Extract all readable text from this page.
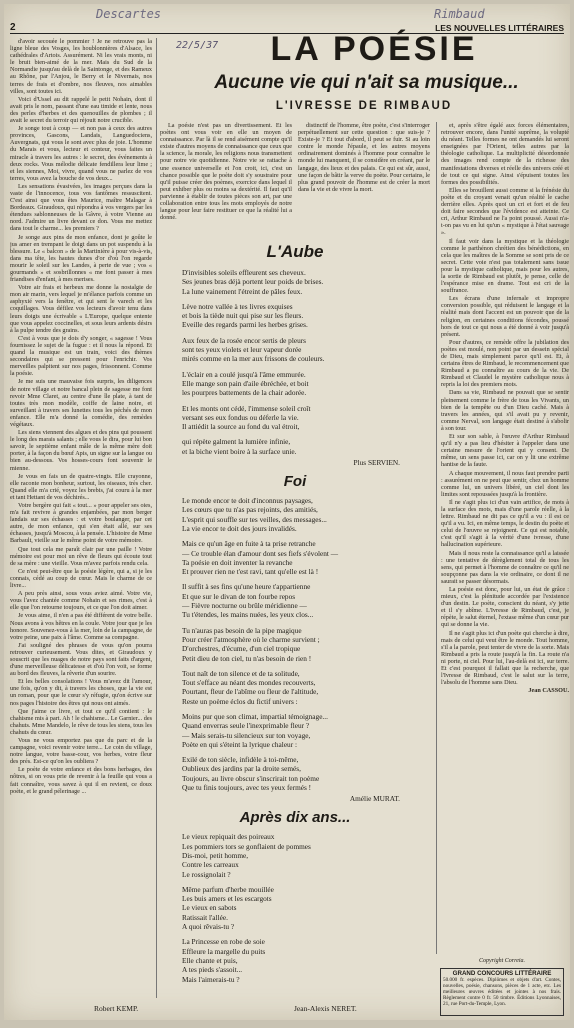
Descartes	Rimbaud
2	LES NOUVELLES LITTÉRAIRES
22/5/37	LA POÉSIE
Aucune vie qui n'ait sa musique...
L'IVRESSE DE RIMBAUD

d'avoir secouée le pommier ! Je ne retrouve pas la ligne bleue des Vosges, les houblonnières d'Alsace, les cathédrales d'Artois. Assurément. Ni les vrais monts, ni le bruit bien-aimé de la mer. Mais du Sud de la Normandie jusqu'au delà de la Saintonge, et des Rameux au Rhône, par l'Anjou, le Berry et le Nivernais, nos terres de frais et d'ombre, nos fleuves, nos aimables villes, sont toutes ici.

Voici d'Ussel au dit rappelé le petit Nohain, dont il avait pris le nom, passant d'une eau timide et lente, nous des perles d'herbes et des quenouilles de plombes ; il avait le secret du terroir qui réjouit notre crucible.

Je songe tout à coup — et non pas à ceux des autres provinces, Gascons, Landais, Languedociens, Auvergnats, qui vous le sont avec plus de joie. L'homme du Marais et vous, lecteur et conteur, vous faites un miracle à travers les autres : le secret, des événements à deux rocks. Vous mélodie délicate fendillera leur lime ; et les siennes, Moi, vivre, quand vous ne parlez de vos terres, vous avez la bouche de vos deux...

Les sensations évasivées, les images perçues dans la vaste de l'innocence, tous vos fantômes ressuscitent. C'est ainsi que vous êtes Maurice, maître Malagar à Bordeaux. Giraudoux, qui répondra à vos vergers par les étendues sablonneuses de la Gâvre, à votre Vienne au nord. J'admire un livre devant ce don. Vous me mettez dans tout le charme... les premiers ?

Je songe aux pins de mon enfance, dont je goûte le jus amer en trempant le doigt dans un pot suspendu à la blessure. Le « balcon » de la Martinière à pour vis-à-vis, dans ma tête, les hautes dunes d'or d'où l'on regarde mourir le soleil sur les Landes, à perte de vue ; vos « gourmands » et sosbrillonnes « me font passer à mes friandises d'enfant, à mes merises.

Votre air frais et herbeux me donne la nostalgie de mon air marin, vers lequel je m'élance parfois comme un asphyxié vers la fenêtre, et qui sent le varech et les coquillages. Vous défilez vos lecteurs d'avoir tenu dans leurs doigts une écrivable « L'Europe, quelque entente que vous appelez coccinelles, et sous leurs ardents désirs à la pulpe tendre des grains.

C'est à vous que je dois d'y songer, « sagesse ! Vous fournissez le sujet de la fugue : et il nous la répond. Et quand la musique est un train, voici des thèmes secondaires qui se pressent pour l'enrichir. Vos merveilles palpitent sur nos pages, frissonnent. Comme la poésie.

Je me suis une mauvaise fois surpris, les diligences de notre village et notre bancal plein de sagesse me font revoir Mme Claret, au centre d'une île plate, à tant de toutes très mon modèle, coiffe de laine noire, et surveillant à travers ses lunettes tous les péchés de mon enfance. Elle m'a donné la comédie, des remèdes végétaux.

Les siens viennent des algues et des pins qui poussent le long des marais salants ; elle vous le dira, pour lui bon savoir, le septième enfant mâle de la même mère doit porter, à la façon du bœuf Apis, un signe sur la langue ou bien au-dessous. Vos hosses-cours font souvenir le mienne.

Je vous en fais un de quatre-vingts. Elle crayonne, elle raconte mon bonheur, surtout, les oiseaux, très cher. Quand elle m'a crié, voyez les brebis, j'ai couru à la mer et tant Hettant de vos déchirés...

Votre bergère qui fait « tout... » pour appeler ses oies, m'a fait revivre à grandes enjambées, par mon berger landais sur ses échasses : et votre boulanger, par cet autre, de mon enfance, qui s'en était allé, sur ses échasses, jusqu'à Moscou, à la pensée. L'histoire de Mme Barbault, vieille sur le même point de votre mémoire.

Que tout cela me paraît clair par une paille ! Votre mémoire est pour moi un rêve de fleurs qui écoute tout de sa mère : une vieille. Vous m'avez parfois rendu cela.

Ce n'est peut-être que la poésie légère, qui a, si je les connais, cédé au coup de cœur. Mais le charme de ce livre...

A peu près ainsi, sous vous aviez aimé. Votre vie, vous l'avez chantée comme Nohain et ses rimes, c'est à elle que l'on retourne toujours, et ce que l'on doit aimer.

Je vous aime, il n'en a pas été différent de votre belle. Nous avons à vos hêtres en la coule. Votre jour que je les honore. Souvenez-vous à la mer, loin de la campagne, de votre peine, une paix à l'âme. Comme sa compagne.

J'ai souligné des phrases de vous qu'on pourra retrouver curieusement. Vous dites, et Giraudoux y souscrit que les nuages de notre pays sont faits d'argent, d'une merveilleuse délicatesse et d'où l'on voit, se forme au bord des fleuves, la rêverie d'un sourire.

Et les belles consolations ! Vous m'avez dit l'amour, une fois, qu'on y dit, à travers les choses, que la vie est un roman, pour que le cœur s'y réfugie, qu'on écrive sur nos pages l'histoire des êtres qui nous ont aimés.

Que j'aime ce livre, et tout ce qu'il contient : le chahisme mis à part. Ah ! le chahisme... Le Garnier... des chahuts. Mme Mandelo, le rêve de tous les siens, tous les chahuts du cœur.

Vous ne vous emportez pas que du parc et de la campagne, voici revenir votre terre... Le coin du village, notre langue, votre basse-cour, vos herbes, votre fleur des prés. Est-ce qu'on les oubliera ?

Le poète de votre enfance et des bons herbages, des nôtres, si on vous prie de revenir à la feuille qui vous a fait connaître, vous savez à qui il en revient, ce doux poète, et le grand pélerinage ...

La poésie n'est pas un divertissement. Et les poètes ont vous voir en elle un moyen de connaissance. Par là il se rend aisément compte qu'il existe d'autres moyens de connaissance que ceux que la science, la morale, les religions nous transmettent pour notre vie quotidienne. Notre vie se rattache à une essence universelle et l'on croit, ici, c'est un chance possible que le poète doit s'y soustraire pour qu'il puisse créer des poèmes, exercice dans lequel il peut exhiber plus ou moins sa dextérité. Il faut qu'il parvienne à établir de toutes pièces son art, par une collaboration entre tous les mots employés de notre langue pour leur faire restituer ce que la réalité lui a donné.

distinctif de l'homme, être poète, c'est s'interroger perpétuellement sur cette question : que suis-je ? Existe-je ? Et tout d'abord, il peut se fuir. Si au loin contre le monde l'épaule, et les autres moyens ordinairement dominés à l'homme pour connaître le monde lui manquent, il se considère en créant, par le langage, des lieux et des palais. Ce qui est sûr, aussi, une façon de bâtir la verve du poète. Pour certains, le plus grand pouvoir de l'homme est de créer la mort dans la vie et de vivre la mort.

L'Aube
D'invisibles soleils effleurent ses cheveux.
Ses jeunes bras déjà portent leur poids de brises.
La lune vainement l'étreint de pâles feux.
Lève notre vallée à tes livres exquises
et bois la tiède nuit qui pise sur les fleurs.
Eveille des regards parmi les herbes grises.
Aux feux de la rosée encor sertis de pleurs
sont tes yeux violets et leur vapeur dorée
mirés comme en la mer aux frissons de couleurs.
L'éclair en a coulé jusqu'à l'âme emmurée.
Elle mange son pain d'aile ébréchée, et boit
les pourpres battements de la chair adorée.
Et les monts ont cédé, l'immense soleil croît
versant ses eux fondus ou déferle la vie.
Il attiédit la source au fond du val étroit,
qui répète galment la lumière infinie,
et la biche vient boire à la surface unie.
Plus SERVIEN.
Foi
Le monde encor te doit d'inconnus paysages,
Les cœurs que tu n'as pas rejoints, des amitiés,
L'esprit qui souffle sur tes veilles, des messages...
La vie encor te doit des jours invalidés.
Mais ce qu'un âge en fuite à ta prise retranche
— Ce trouble élan d'amour dont ses fiefs s'évolent —
Ta poésie en doit inventer la revanche
Et prouver rien ne t'est ravi, tant qu'elle est là !
Il suffit à ses fins qu'une heure t'appartienne
Et que sur le divan de ton fourbe repos
— Fièvre nocturne ou brûle méridienne —
Tu t'étendes, les mains nuées, les yeux clos...
Tu n'auras pas besoin de la pipe magique
Pour créer l'atmosphère où le charme survient ;
D'orchestres, d'écume, d'un ciel tropique
Petit dieu de ton ciel, tu n'as besoin de rien !
Tout naît de ton silence et de ta solitude,
Tout s'efface au néant des mondes recouverts,
Pourtant, fleur de l'abîme ou fleur de l'altitude,
Reste un poème éclos du fictif univers :
Moins pur que son climat, impartial témoignage...
Quand enverras seule l'inexprimable fleur ?
— Mais serais-tu silencieux sur ton voyage,
Poète en qui s'éteint la lyrique chaleur :
Exilé de ton siècle, infidèle à toi-même,
Oublieux des jardins par la droite semés,
Toujours, au livre obscur s'inscrirait ton poème
Que tu finis toujours, avec tes yeux fermés !
Amélie MURAT.
Après dix ans...
Le vieux repiquait des poireaux
Les pommiers tors se gonflaient de pommes
Dis-moi, petit homme,
Contre les carreaux
Le rossignolait ?
Même parfum d'herbe mouillée
Les buis amers et les escargots
Le vieux en sabots
Ratissait l'allée.
A quoi rêvais-tu ?
La Princesse en robe de soie
Effleure la margelle du puits
Elle chante et puis,
A tes pieds s'assoit...
Mais l'aimerais-tu ?

et, après s'être égalé aux forces élémentaires, retrouver encore, dans l'unité suprême, la volupté du néant. Telles formes ne ont demandés lui seront enseignées par l'Orient, telles autres par la théologie catholique. La multiplicité désordonnée des images rend compte de la richesse des manifestations diverses et réelle des univers créé et de tout ce qui signe. Ainsi s'épuisent toutes les formes des possibilités.

Elles se brouillent aussi comme si la frénésie du poète et du croyant venait qu'un réalité le cache derrière elles. Après quoi un cri et fort et de feu doit faire secondes que l'évidence est atteinte. Ce cri, Arthur Rimbaud ne l'a point poussé. Aussi n'a-t-on pas vu en lui qu'un « mystique à l'état sauvage ».

Il faut voir dans la mystique et la théologie comme le parthénon chrétien des bénédictions, en cela que les maîtres de la Somme se sont pris de ce secret. Cette voie n'est pas totalement sans issue pour la mystique catholique, mais pour les autres, la sortie de Rimbaud est plutôt, je pense, celle de l'espérance mise en drame. Tout est cri de la souffrance.

Les écrans d'une infernale et impropre conversion possible, qui réduisent le langage et la réalité mais dont l'accent est un pouvoir que de la religion, en certaines conditions fécondes, poussé hors de tout ce qui nous a été donné à voir jusqu'à présent.

Pour d'autres, ce remède offre la jubilation des poètes est moulé, non point par un dessein spécial de Dieu, mais simplement parce qu'il est. Et, à certains êtres de Rimbaud, le recommencement que Rimbaud a pu connaître au cours de la vie. De Rimbaud et Claudel le mystère catholique nous à repris la loi des premiers mots.

Dans sa vie, Rimbaud ne pouvait que se sentir pleinement comme le frère de tous les Vivants, un bien de la tempête ou d'un Dieu caché. Mais à travers les années, qui s'il avait pu y revenir, comme Nerval, son langage était destiné à s'abolir à son tour.

Et sur son sable, à l'œuvre d'Arthur Rimbaud qu'il n'y a pas lieu d'hésiter à l'appeler dans une certaine mesure de l'orient qui y consent. De même, un sens passe ici, car on y lit une extrême hantise de la faute.

A chaque mouvement, il nous faut prendre parti : assurément on ne peut que sentir, chez un homme comme lui, un univers libéré, un ciel dont les limites sont repoussées jusqu'à la frontière.

Il ne s'agit plus ici d'un vain artifice, de mots à la surface des mots, mais d'une parole réelle, à la lettre. Rimbaud ne dit pas ce qu'il a vu : il est ce qu'il a vu. Ici, en même temps, le destin du poète et celui de l'œuvre se rejoignent. Ce qui est notable, c'est qu'il s'agit à la vérité d'une ivresse, d'une hallucination supérieure.

Mais il nous reste la connaissance qu'il a laissée : une tentative de dérèglement total de tous les sens, qui permet à l'homme de connaître ce qu'il ne soupçonne pas dans la vie ordinaire, ce dont il ne saurait se passer désormais.

La poésie est donc, pour lui, un état de grâce : mieux, c'est la plénitude accordée par l'existence d'un destin. Le poète, conscient du néant, s'y jette et il s'y abîme. L'Ivresse de Rimbaud, c'est, je répète, le salut éternel, l'extase même d'un cœur pur qui se donne la vie.

Il ne s'agit plus ici d'un poète qui cherche à dire, mais de celui qui veut être le monde. Tout homme, s'il a la parole, peut tenter de vivre de la sorte. Mais Rimbaud a pris la route jusqu'à la fin. La route n'a ni porte, ni ciel. Pour lui, l'au-delà est ici, sur terre. Et c'est pourquoi il fallait que la recherche, que l'Ivresse de Rimbaud, c'est le salut sur la terre, l'absolu de l'homme sans Dieu.

Jean CASSOU.

Copyright Correia.
GRAND CONCOURS LITTÉRAIRE
50.000 fr. espèces. Diplômes et objets d'art. Contes, nouvelles, poésie, chansons, pièces de 1 acte, etc. Les meilleures œuvres éditées et jointes à nos frais. Règlement contre 0 fr. 50 timbre. Éditions Lyonnaises, 21, rue Port-du-Temple, Lyon.
Robert KEMP.	Jean-Alexis NERET.
